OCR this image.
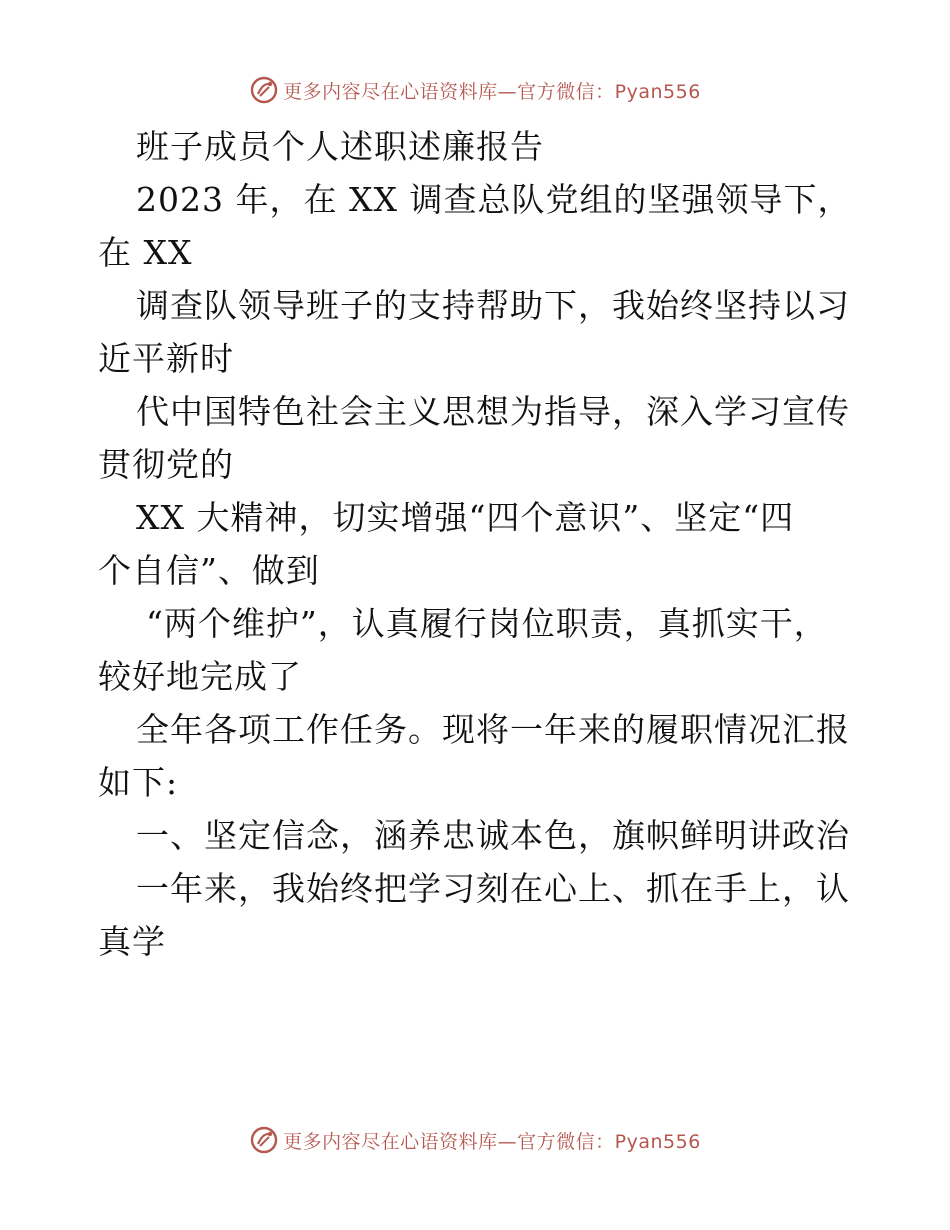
更多内容尽在心语资料库—官方微信：Pyan556
班子成员个人述职述廉报告
2023 年，在 XX 调查总队党组的坚强领导下，
在 XX
调查队领导班子的支持帮助下，我始终坚持以习
近平新时
代中国特色社会主义思想为指导，深入学习宣传
贯彻党的
XX 大精神，切实增强“四个意识”、坚定“四
个自信”、做到
“两个维护”，认真履行岗位职责，真抓实干，
较好地完成了
全年各项工作任务。现将一年来的履职情况汇报
如下:
一、坚定信念，涵养忠诚本色，旗帜鲜明讲政治
一年来，我始终把学习刻在心上、抓在手上，认
真学
更多内容尽在心语资料库—官方微信：Pyan556
